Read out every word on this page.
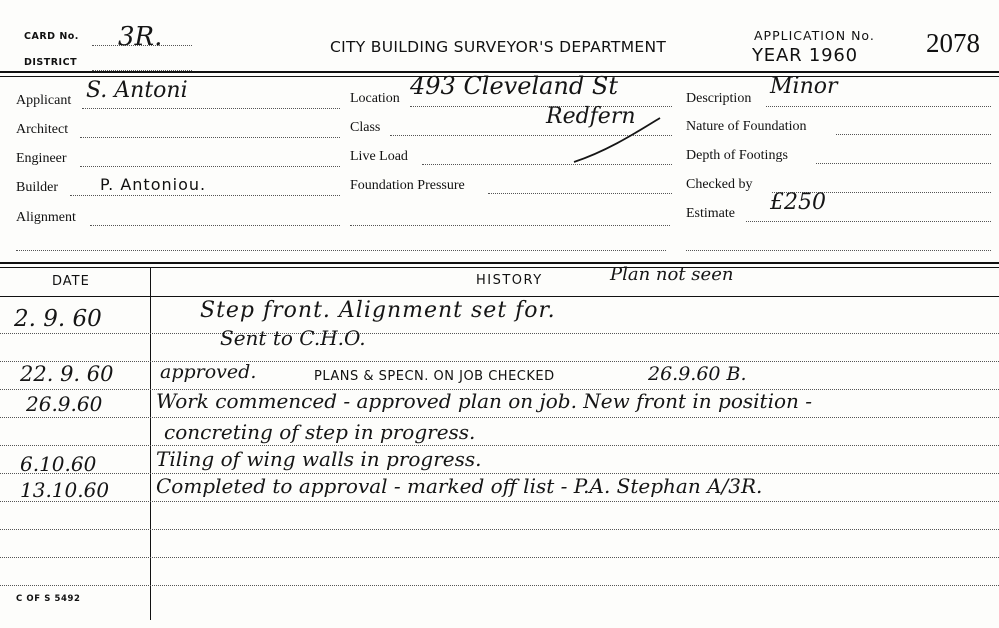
CARD No. 3R.
DISTRICT
CITY BUILDING SURVEYOR'S DEPARTMENT
APPLICATION No.
YEAR 1960	2078
Applicant S. Antoni
Architect
Engineer
Builder	P. Antoniou.
Alignment
Location 493 Cleveland St
Redfern
Class
Live Load
Foundation Pressure
Description Minor
Nature of Foundation
Depth of Footings
Checked by
Estimate £250
DATE	HISTORY	Plan not seen
2. 9. 60	Step front. Alignment set for.
Sent to C.H.O.
22. 9. 60 approved.	PLANS & SPECN. ON JOB CHECKED	26.9.60 B.
26.9.60	Work commenced - approved plan on job. New front in position -
concreting of step in progress.
6.10.60	Tiling of wing walls in progress.
13.10.60 Completed to approval - marked off list - P.A. Stephan A/3R.
C OF S 5492
